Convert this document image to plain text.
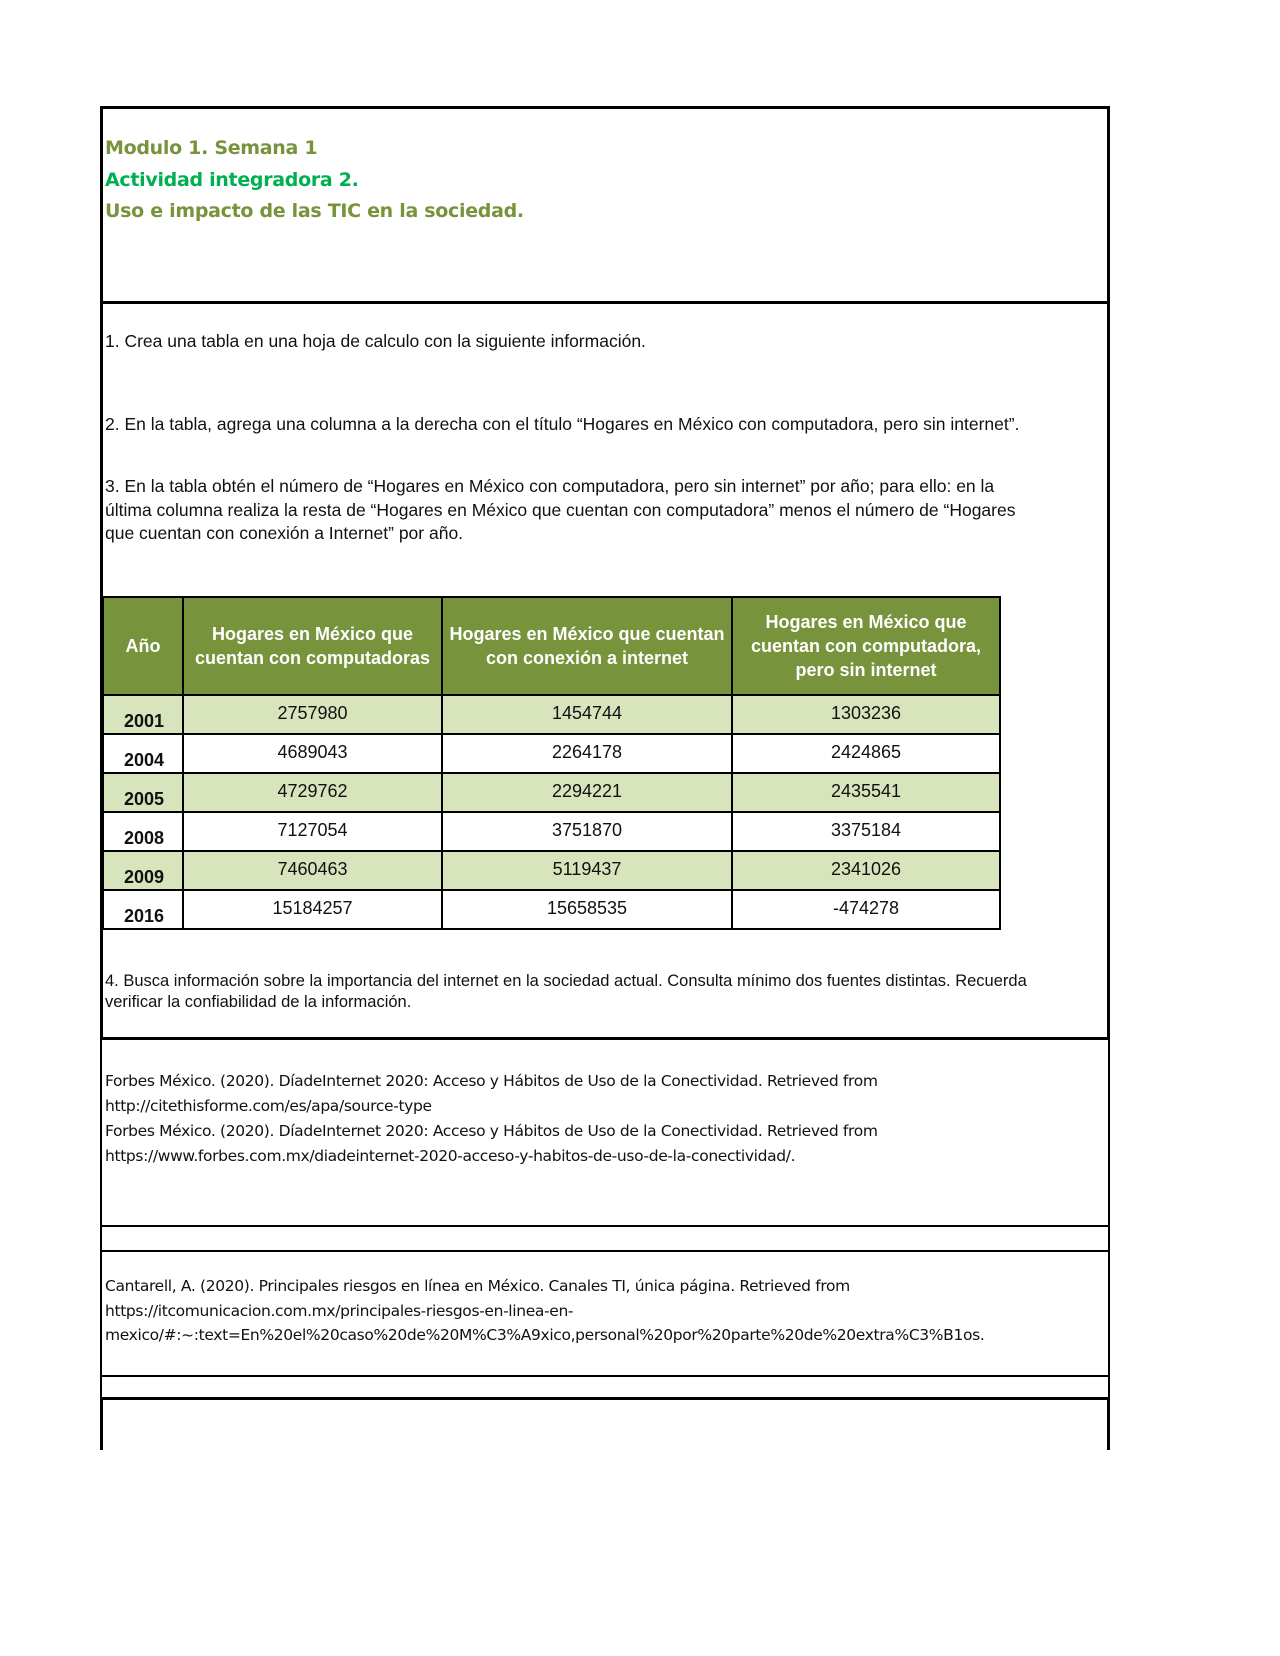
Modulo 1. Semana 1
Actividad integradora 2.
Uso e impacto de las TIC en la sociedad.
1. Crea una tabla en una hoja de calculo con la siguiente información.
2. En la tabla, agrega una columna a la derecha con el título “Hogares en México con computadora, pero sin internet”.
3. En la tabla obtén el número de “Hogares en México con computadora, pero sin internet” por año; para ello: en la
última columna realiza la resta de “Hogares en México que cuentan con computadora” menos el número de “Hogares
que cuentan con conexión a Internet” por año.
Año	Hogares en México que cuentan con computadoras	Hogares en México que cuentan con conexión a internet	Hogares en México que cuentan con computadora, pero sin internet
2001	2757980	1454744	1303236
2004	4689043	2264178	2424865
2005	4729762	2294221	2435541
2008	7127054	3751870	3375184
2009	7460463	5119437	2341026
2016	15184257	15658535	-474278
4. Busca información sobre la importancia del internet en la sociedad actual. Consulta mínimo dos fuentes distintas. Recuerda
verificar la confiabilidad de la información.
Forbes México. (2020). DíadeInternet 2020: Acceso y Hábitos de Uso de la Conectividad. Retrieved from
http://citethisforme.com/es/apa/source-type
Forbes México. (2020). DíadeInternet 2020: Acceso y Hábitos de Uso de la Conectividad. Retrieved from
https://www.forbes.com.mx/diadeinternet-2020-acceso-y-habitos-de-uso-de-la-conectividad/.
Cantarell, A. (2020). Principales riesgos en línea en México. Canales TI, única página. Retrieved from
https://itcomunicacion.com.mx/principales-riesgos-en-linea-en-
mexico/#:~:text=En%20el%20caso%20de%20M%C3%A9xico,personal%20por%20parte%20de%20extra%C3%B1os.
